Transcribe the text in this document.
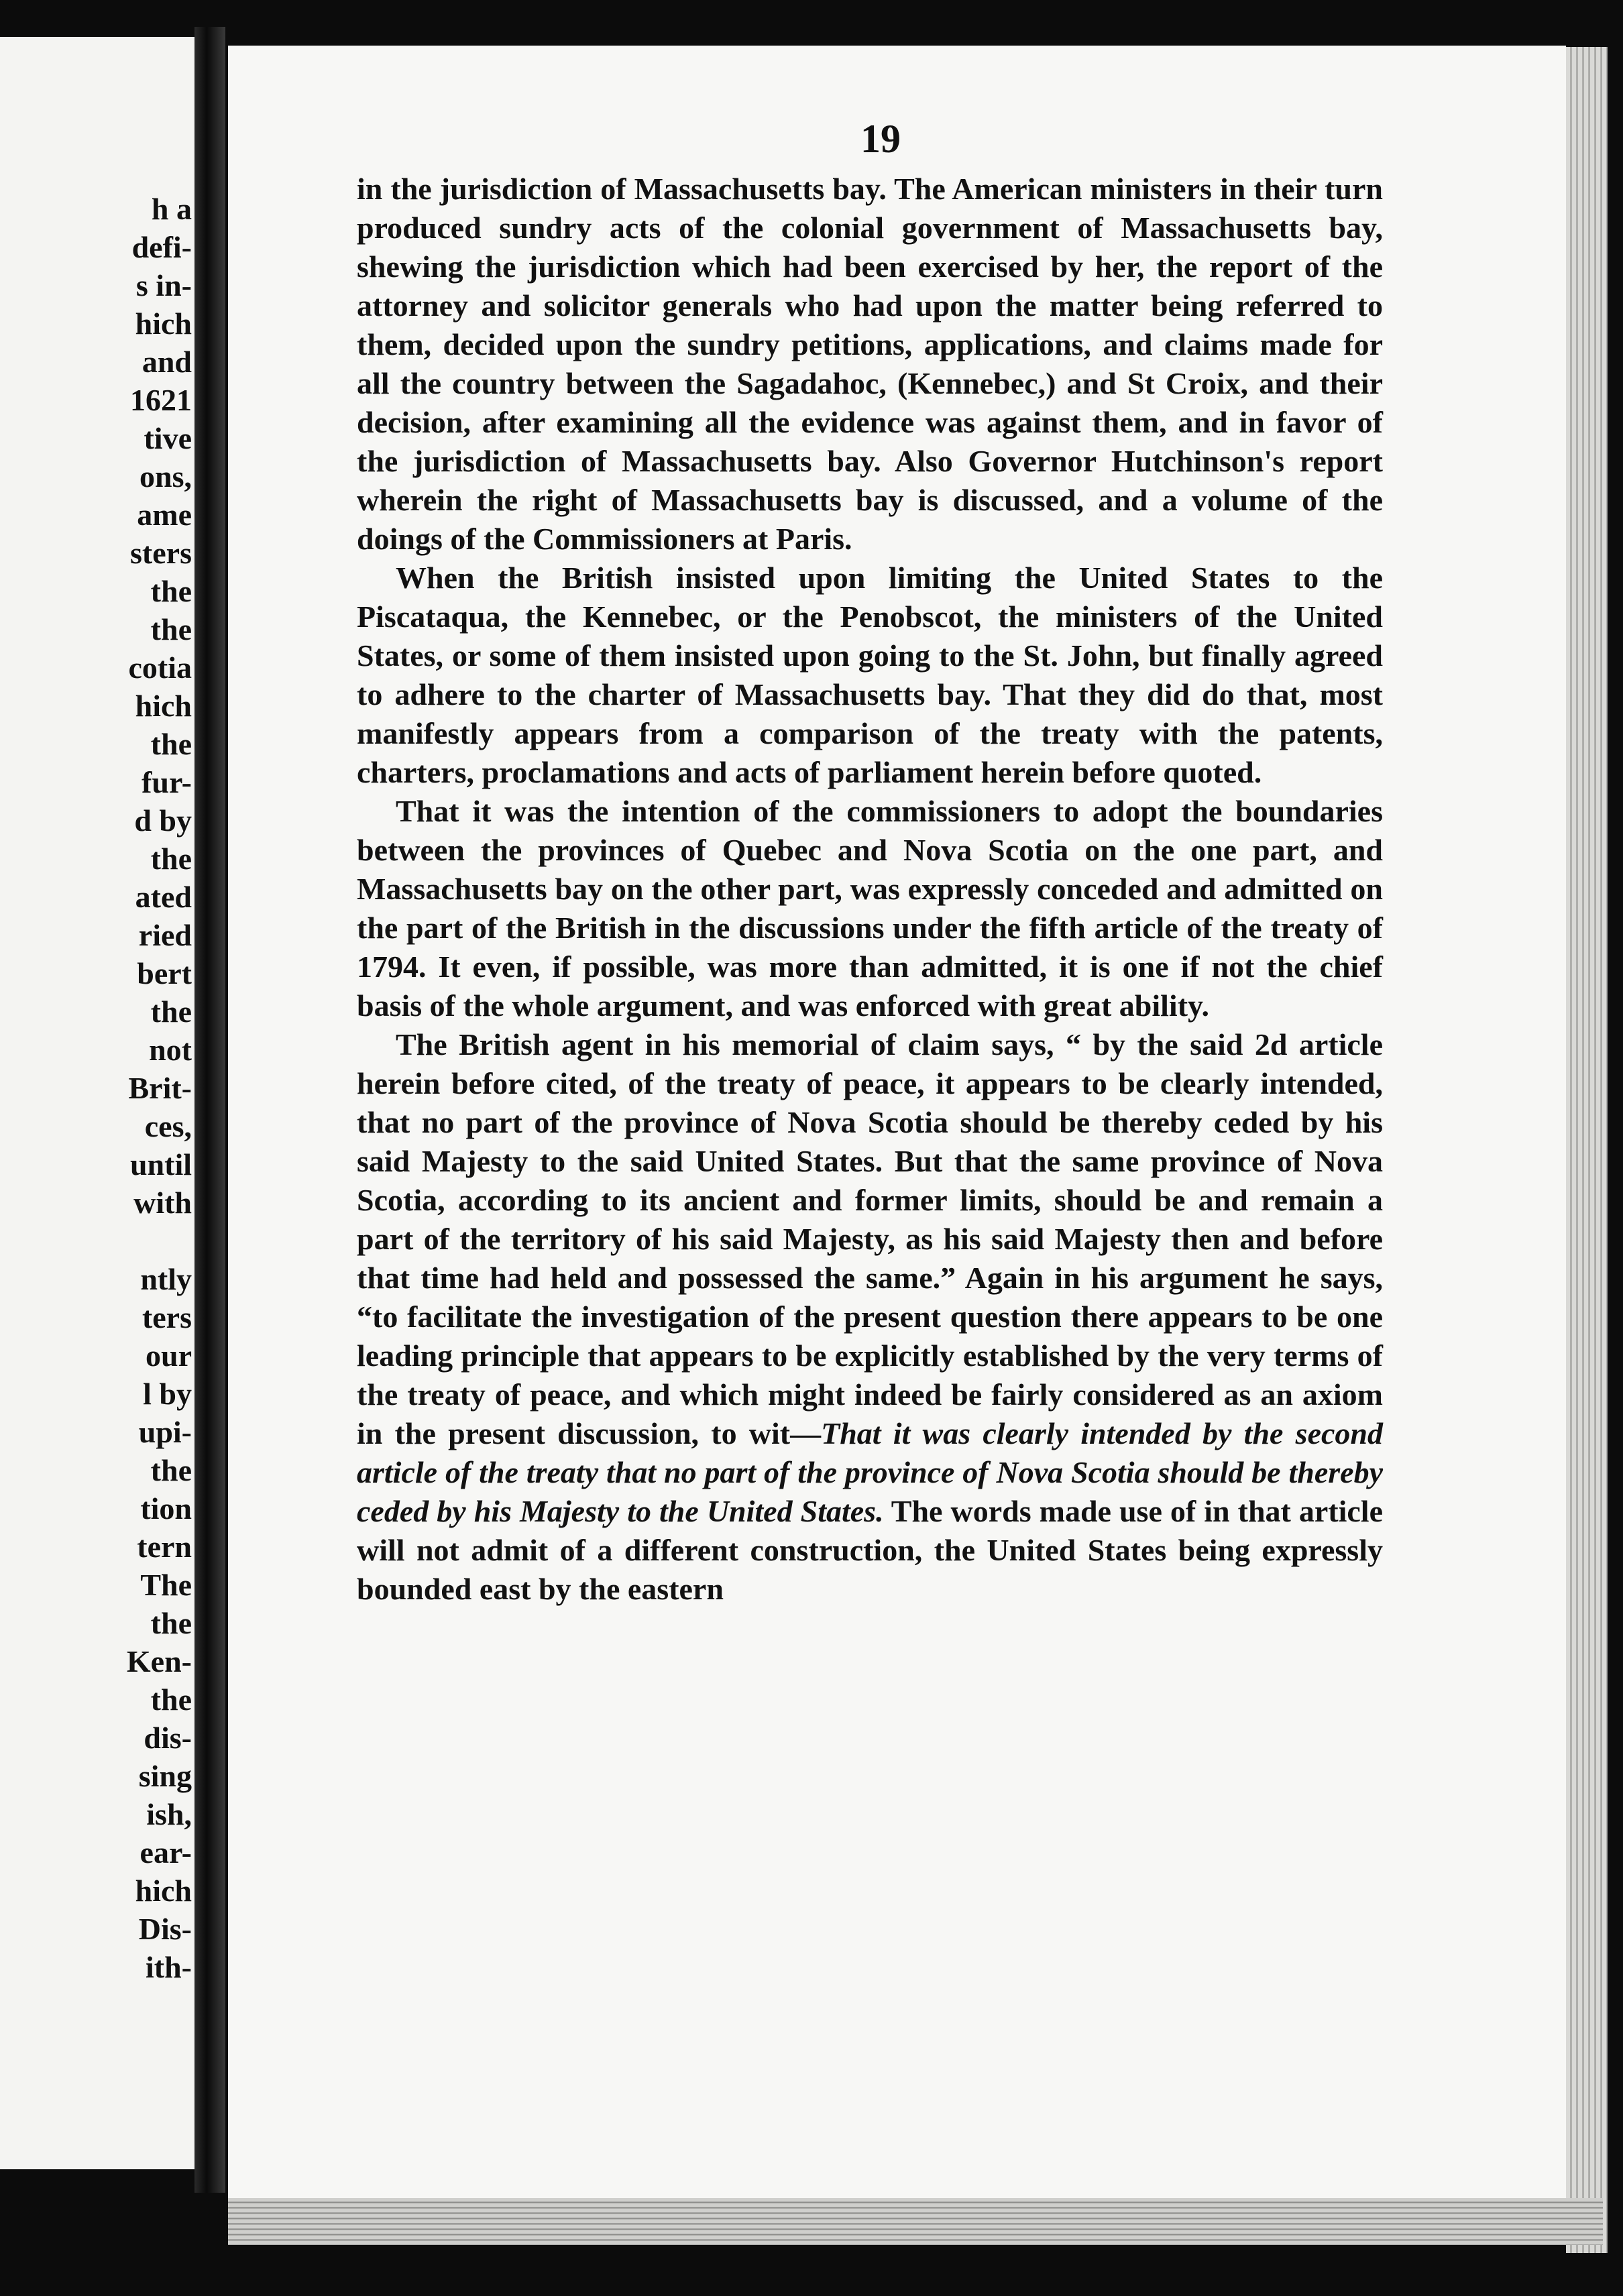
h a

defi-

s in-

hich

and

1621

tive

ons,

ame

sters

the

the

cotia

hich

the

fur-

d by

the

ated

ried

bert

the

not

Brit-

ces,

until

with

ntly

ters

our

l by

upi-

the

tion

tern

The

the

Ken-

the

dis-

sing

ish,

ear-

hich

Dis-

ith-

19

in the jurisdiction of Massachusetts bay. The American ministers in their turn produced sundry acts of the colonial government of Massachusetts bay, shewing the jurisdiction which had been exercised by her, the report of the attorney and solicitor generals who had upon the matter being referred to them, decided upon the sundry petitions, applications, and claims made for all the country between the Sagadahoc, (Kennebec,) and St Croix, and their decision, after examining all the evidence was against them, and in favor of the jurisdiction of Massachusetts bay. Also Governor Hutchinson's report wherein the right of Massachusetts bay is discussed, and a volume of the doings of the Commissioners at Paris.

When the British insisted upon limiting the United States to the Piscataqua, the Kennebec, or the Penobscot, the ministers of the United States, or some of them insisted upon going to the St. John, but finally agreed to adhere to the charter of Massachusetts bay. That they did do that, most manifestly appears from a comparison of the treaty with the patents, charters, proclamations and acts of parliament herein before quoted.

That it was the intention of the commissioners to adopt the boundaries between the provinces of Quebec and Nova Scotia on the one part, and Massachusetts bay on the other part, was expressly conceded and admitted on the part of the British in the discussions under the fifth article of the treaty of 1794. It even, if possible, was more than admitted, it is one if not the chief basis of the whole argument, and was enforced with great ability.

The British agent in his memorial of claim says, “ by the said 2d article herein before cited, of the treaty of peace, it appears to be clearly intended, that no part of the province of Nova Scotia should be thereby ceded by his said Majesty to the said United States. But that the same province of Nova Scotia, according to its ancient and former limits, should be and remain a part of the territory of his said Majesty, as his said Majesty then and before that time had held and possessed the same.” Again in his argument he says, “to facilitate the investigation of the present question there appears to be one leading principle that appears to be explicitly established by the very terms of the treaty of peace, and which might indeed be fairly considered as an axiom in the present discussion, to wit—That it was clearly intended by the second article of the treaty that no part of the province of Nova Scotia should be thereby ceded by his Majesty to the United States. The words made use of in that article will not admit of a different construction, the United States being expressly bounded east by the eastern
